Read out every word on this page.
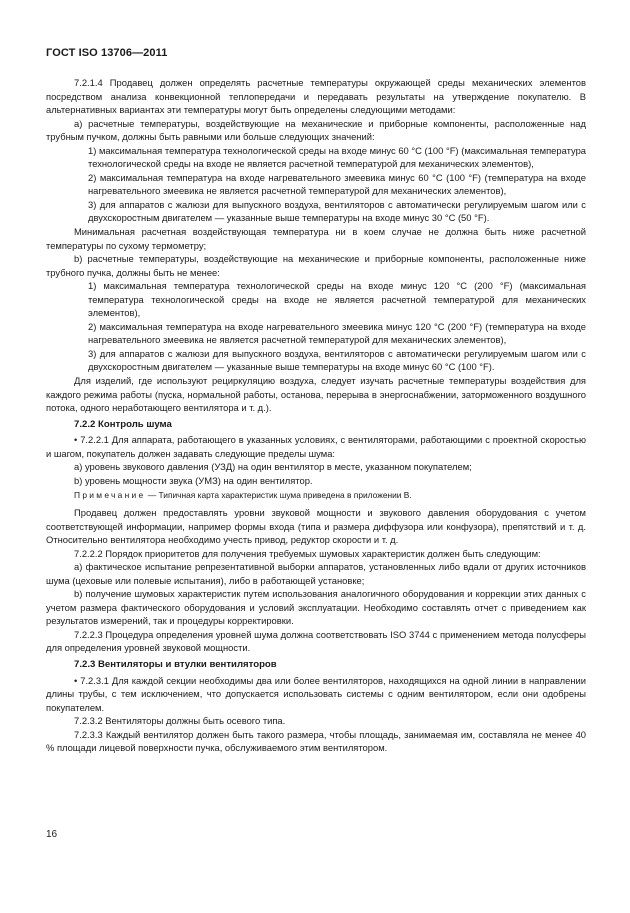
ГОСТ ISO 13706—2011

7.2.1.4 Продавец должен определять расчетные температуры окружающей среды механических элементов посредством анализа конвекционной теплопередачи и передавать результаты на утверждение покупателю. В альтернативных вариантах эти температуры могут быть определены следующими методами:

a) расчетные температуры, воздействующие на механические и приборные компоненты, расположенные над трубным пучком, должны быть равными или больше следующих значений:

1) максимальная температура технологической среды на входе минус 60 °С (100 °F) (максимальная температура технологической среды на входе не является расчетной температурой для механических элементов),

2) максимальная температура на входе нагревательного змеевика минус 60 °С (100 °F) (температура на входе нагревательного змеевика не является расчетной температурой для механических элементов),

3) для аппаратов с жалюзи для выпускного воздуха, вентиляторов с автоматически регулируемым шагом или с двухскоростным двигателем — указанные выше температуры на входе минус 30 °С (50 °F).

Минимальная расчетная воздействующая температура ни в коем случае не должна быть ниже расчетной температуры по сухому термометру;

b) расчетные температуры, воздействующие на механические и приборные компоненты, расположенные ниже трубного пучка, должны быть не менее:

1) максимальная температура технологической среды на входе минус 120 °С (200 °F) (максимальная температура технологической среды на входе не является расчетной температурой для механических элементов),

2) максимальная температура на входе нагревательного змеевика минус 120 °С (200 °F) (температура на входе нагревательного змеевика не является расчетной температурой для механических элементов),

3) для аппаратов с жалюзи для выпускного воздуха, вентиляторов с автоматически регулируемым шагом или с двухскоростным двигателем — указанные выше температуры на входе минус 60 °С (100 °F).

Для изделий, где используют рециркуляцию воздуха, следует изучать расчетные температуры воздействия для каждого режима работы (пуска, нормальной работы, останова, перерыва в энергоснабжении, заторможенного воздушного потока, одного неработающего вентилятора и т. д.).

7.2.2 Контроль шума

• 7.2.2.1 Для аппарата, работающего в указанных условиях, с вентиляторами, работающими с проектной скоростью и шагом, покупатель должен задавать следующие пределы шума:

a) уровень звукового давления (УЗД) на один вентилятор в месте, указанном покупателем;

b) уровень мощности звука (УМЗ) на один вентилятор.

Примечание — Типичная карта характеристик шума приведена в приложении В.

Продавец должен предоставлять уровни звуковой мощности и звукового давления оборудования с учетом соответствующей информации, например формы входа (типа и размера диффузора или конфузора), препятствий и т. д. Относительно вентилятора необходимо учесть привод, редуктор скорости и т. д.

7.2.2.2 Порядок приоритетов для получения требуемых шумовых характеристик должен быть следующим:

a) фактическое испытание репрезентативной выборки аппаратов, установленных либо вдали от других источников шума (цеховые или полевые испытания), либо в работающей установке;

b) получение шумовых характеристик путем использования аналогичного оборудования и коррекции этих данных с учетом размера фактического оборудования и условий эксплуатации. Необходимо составлять отчет с приведением как результатов измерений, так и процедуры корректировки.

7.2.2.3 Процедура определения уровней шума должна соответствовать ISO 3744 с применением метода полусферы для определения уровней звуковой мощности.

7.2.3 Вентиляторы и втулки вентиляторов

• 7.2.3.1 Для каждой секции необходимы два или более вентиляторов, находящихся на одной линии в направлении длины трубы, с тем исключением, что допускается использовать системы с одним вентилятором, если они одобрены покупателем.

7.2.3.2 Вентиляторы должны быть осевого типа.

7.2.3.3 Каждый вентилятор должен быть такого размера, чтобы площадь, занимаемая им, составляла не менее 40 % площади лицевой поверхности пучка, обслуживаемого этим вентилятором.

16
